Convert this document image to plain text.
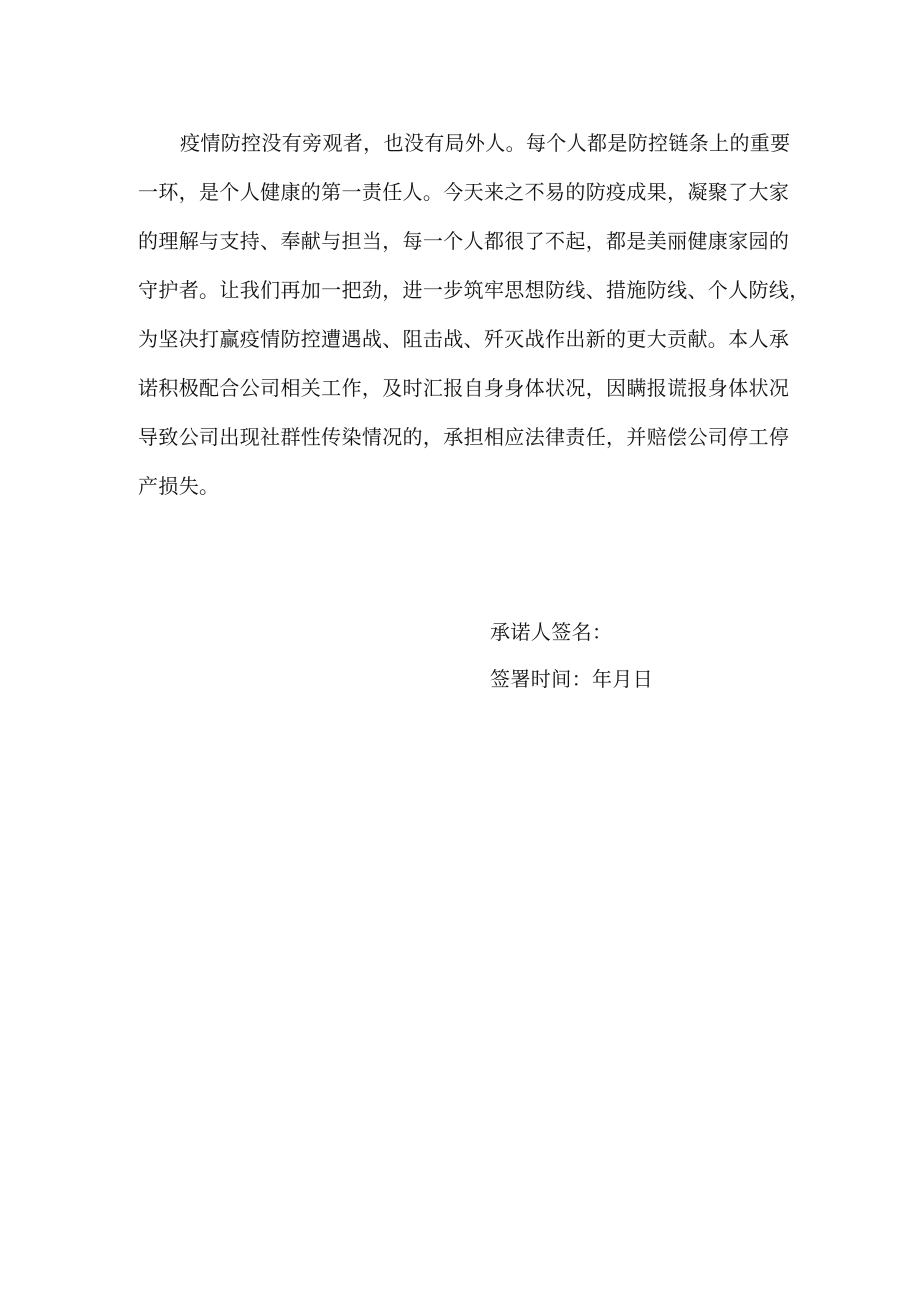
疫情防控没有旁观者，也没有局外人。每个人都是防控链条上的重要
一环，是个人健康的第一责任人。今天来之不易的防疫成果，凝聚了大家
的理解与支持、奉献与担当，每一个人都很了不起，都是美丽健康家园的
守护者。让我们再加一把劲，进一步筑牢思想防线、措施防线、个人防线，
为坚决打赢疫情防控遭遇战、阻击战、歼灭战作出新的更大贡献。本人承
诺积极配合公司相关工作，及时汇报自身身体状况，因瞒报谎报身体状况
导致公司出现社群性传染情况的，承担相应法律责任，并赔偿公司停工停
产损失。
承诺人签名：
签署时间：年月日
